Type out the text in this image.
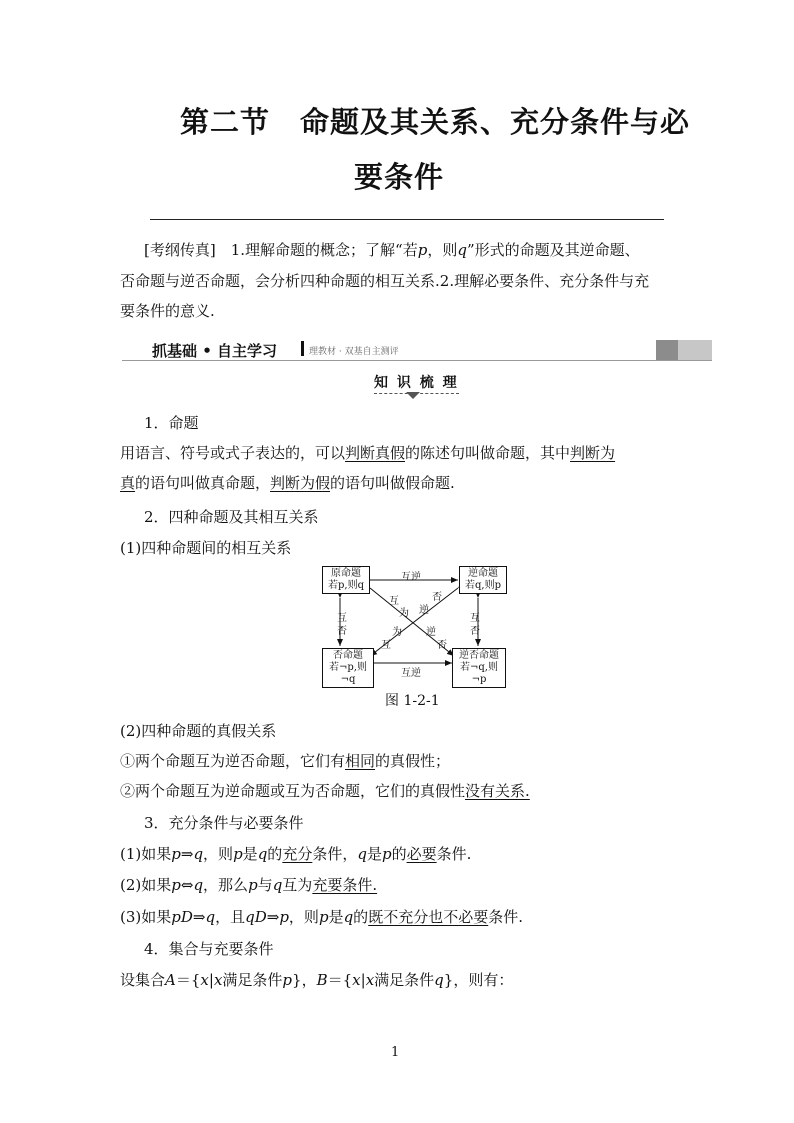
第二节　命题及其关系、充分条件与必
要条件
[考纲传真]　 1.理解命题的概念；了解“若p，则q”形式的命题及其逆命题、
否命题与逆否命题，会分析四种命题的相互关系.2.理解必要条件、充分条件与充
要条件的意义.
抓基础 • 自主学习	理教材 · 双基自主测评
知 识 梳 理
1．命题
用语言、符号或式子表达的，可以判断真假的陈述句叫做命题，其中判断为
真的语句叫做真命题，判断为假的语句叫做假命题.
2．四种命题及其相互关系
(1)四种命题间的相互关系
原命题
若p,则q
逆命题
若q,则p
否命题
若¬p,则¬q
逆否命题
若¬q,则¬p
互逆
互逆
互
否
互
否
互
为 逆
否
互
为 逆
否
图 1-2-1
(2)四种命题的真假关系
①两个命题互为逆否命题，它们有相同的真假性；
②两个命题互为逆命题或互为否命题，它们的真假性没有关系.
3．充分条件与必要条件
(1)如果p⇒q，则p是q的充分条件，q是p的必要条件.
(2)如果p⇔q，那么p与q互为充要条件.
(3)如果pD⇒q，且qD⇒p，则p是q的既不充分也不必要条件.
4．集合与充要条件
设集合A＝{x|x满足条件p}，B＝{x|x满足条件q}，则有：
1
